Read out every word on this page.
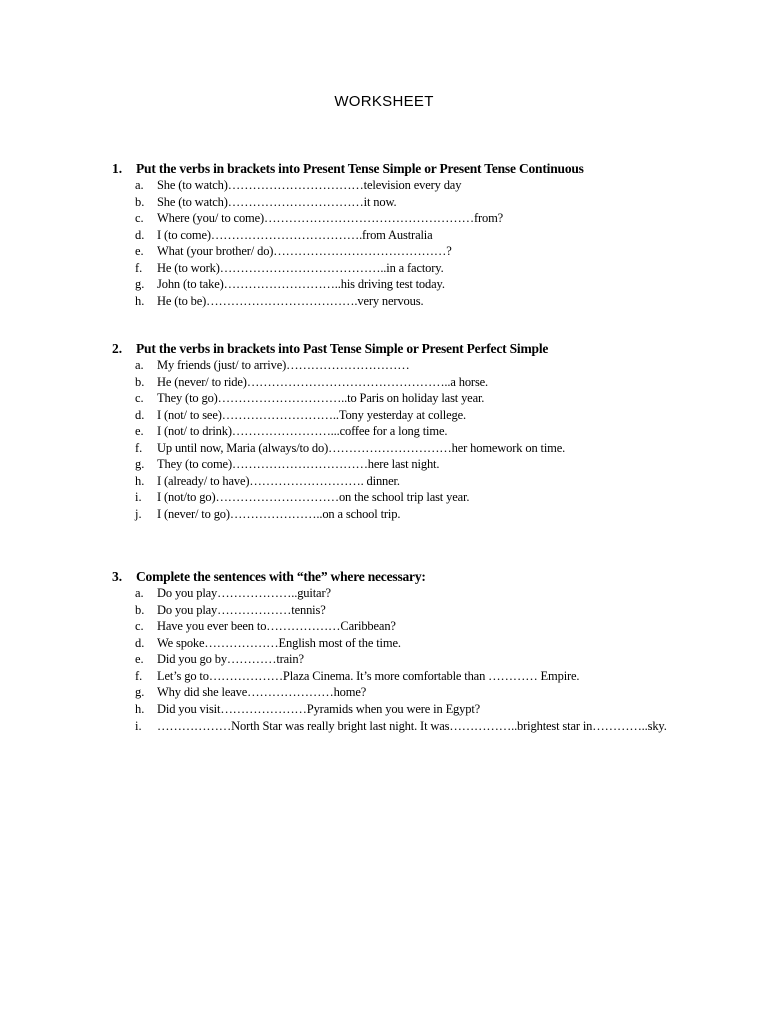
WORKSHEET
1.	Put the verbs in brackets into Present Tense Simple or Present Tense Continuous
a.	She (to watch)……………………………television every day
b.	She (to watch)……………………………it now.
c.	Where (you/ to come)……………………………………………from?
d.	I (to come)……………………………….from Australia
e.	What (your brother/ do)……………………………………?
f.	He (to work)…………………………………..in a factory.
g.	John (to take)………………………..his driving test today.
h.	He (to be)……………………………….very nervous.
2.	Put the verbs in brackets into Past Tense Simple or Present Perfect Simple
a.	My friends (just/ to arrive)…………………………
b.	He (never/ to ride)…………………………………………..a horse.
c.	They (to go)…………………………..to Paris on holiday last year.
d.	I (not/ to see)………………………..Tony yesterday at college.
e.	I (not/ to drink)……………………...coffee for a long time.
f.	Up until now, Maria (always/to do)…………………………her homework on time.
g.	They (to come)……………………………here last night.
h.	I (already/ to have)………………………. dinner.
i.	I (not/to go)…………………………on the school trip last year.
j.	I (never/ to go)…………………..on a school trip.
3.	Complete the sentences with “the” where necessary:
a.	Do you play………………..guitar?
b.	Do you play………………tennis?
c.	Have you ever been to………………Caribbean?
d.	We spoke………………English most of the time.
e.	Did you go by…………train?
f.	Let’s go to………………Plaza Cinema. It’s more comfortable than ………… Empire.
g.	Why did she leave…………………home?
h.	Did you visit…………………Pyramids when you were in Egypt?
i.	………………North Star was really bright last night. It was……………..brightest star in…………..sky.
